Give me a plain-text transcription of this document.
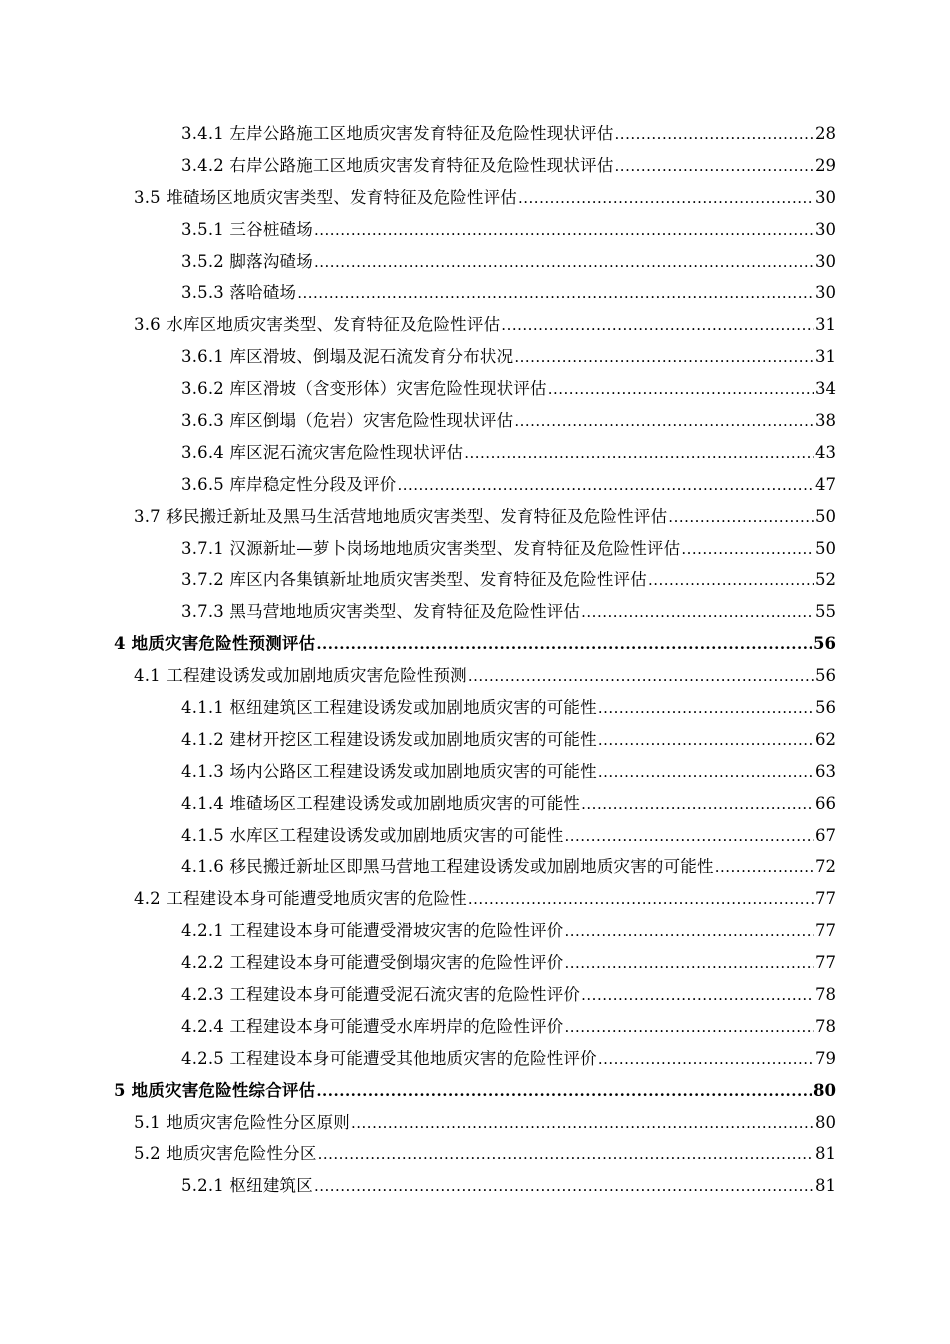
3.4.1 左岸公路施工区地质灾害发育特征及危险性现状评估 .....	28
3.4.2 右岸公路施工区地质灾害发育特征及危险性现状评估 .....	29
3.5 堆碴场区地质灾害类型、发育特征及危险性评估 .....	30
3.5.1 三谷桩碴场 .....	30
3.5.2 脚落沟碴场 .....	30
3.5.3 落哈碴场 .....	30
3.6 水库区地质灾害类型、发育特征及危险性评估 .....	31
3.6.1 库区滑坡、倒塌及泥石流发育分布状况 .....	31
3.6.2 库区滑坡（含变形体）灾害危险性现状评估 .....	34
3.6.3 库区倒塌（危岩）灾害危险性现状评估 .....	38
3.6.4 库区泥石流灾害危险性现状评估 .....	43
3.6.5 库岸稳定性分段及评价 .....	47
3.7 移民搬迁新址及黑马生活营地地质灾害类型、发育特征及危险性评估 .....	50
3.7.1 汉源新址—萝卜岗场地地质灾害类型、发育特征及危险性评估 .....	50
3.7.2 库区内各集镇新址地质灾害类型、发育特征及危险性评估 .....	52
3.7.3 黑马营地地质灾害类型、发育特征及危险性评估 .....	55
4 地质灾害危险性预测评估 .....	56
4.1 工程建设诱发或加剧地质灾害危险性预测 .....	56
4.1.1 枢纽建筑区工程建设诱发或加剧地质灾害的可能性 .....	56
4.1.2 建材开挖区工程建设诱发或加剧地质灾害的可能性 .....	62
4.1.3 场内公路区工程建设诱发或加剧地质灾害的可能性 .....	63
4.1.4 堆碴场区工程建设诱发或加剧地质灾害的可能性 .....	66
4.1.5 水库区工程建设诱发或加剧地质灾害的可能性 .....	67
4.1.6 移民搬迁新址区即黑马营地工程建设诱发或加剧地质灾害的可能性 .....	72
4.2 工程建设本身可能遭受地质灾害的危险性 .....	77
4.2.1 工程建设本身可能遭受滑坡灾害的危险性评价 .....	77
4.2.2 工程建设本身可能遭受倒塌灾害的危险性评价 .....	77
4.2.3 工程建设本身可能遭受泥石流灾害的危险性评价 .....	78
4.2.4 工程建设本身可能遭受水库坍岸的危险性评价 .....	78
4.2.5 工程建设本身可能遭受其他地质灾害的危险性评价 .....	79
5 地质灾害危险性综合评估 .....	80
5.1 地质灾害危险性分区原则 .....	80
5.2 地质灾害危险性分区 .....	81
5.2.1 枢纽建筑区 .....	81
